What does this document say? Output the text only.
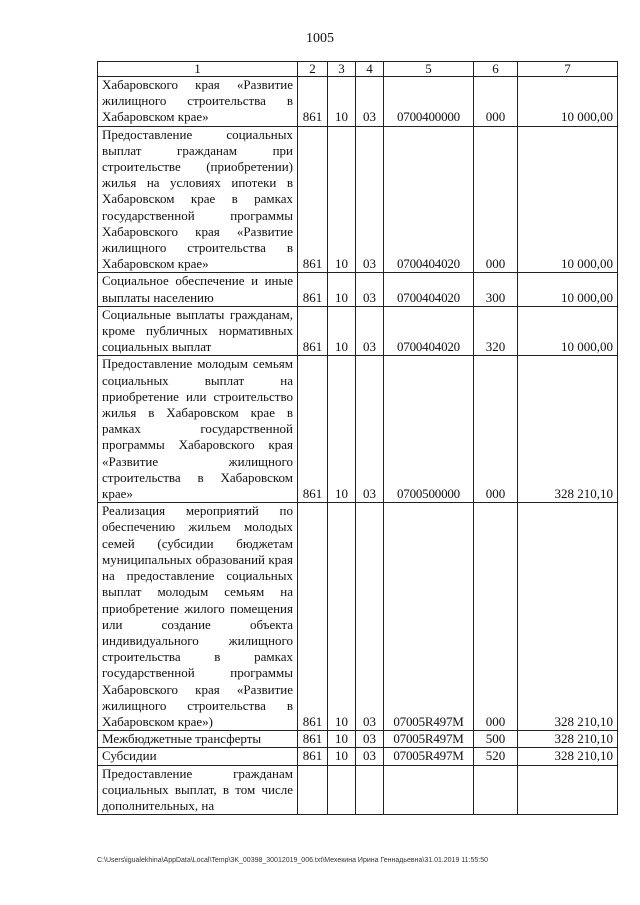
1005
1	2	3	4	5	6	7
Хабаровского края «Развитие жилищного строительства в Хабаровском крае»	861	10	03	0700400000	000	10 000,00
Предоставление социальных выплат гражданам при строительстве (приобретении) жилья на условиях ипотеки в Хабаровском крае в рамках государственной программы Хабаровского края «Развитие жилищного строительства в Хабаровском крае»	861	10	03	0700404020	000	10 000,00
Социальное обеспечение и иные выплаты населению	861	10	03	0700404020	300	10 000,00
Социальные выплаты гражданам, кроме публичных нормативных социальных выплат	861	10	03	0700404020	320	10 000,00
Предоставление молодым семьям социальных выплат на приобретение или строительство жилья в Хабаровском крае в рамках государственной программы Хабаровского края «Развитие жилищного строительства в Хабаровском крае»	861	10	03	0700500000	000	328 210,10
Реализация мероприятий по обеспечению жильем молодых семей (субсидии бюджетам муниципальных образований края на предоставление социальных выплат молодым семьям на приобретение жилого помещения или создание объекта индивидуального жилищного строительства в рамках государственной программы Хабаровского края «Развитие жилищного строительства в Хабаровском крае»)	861	10	03	07005R497M	000	328 210,10
Межбюджетные трансферты	861	10	03	07005R497M	500	328 210,10
Субсидии	861	10	03	07005R497M	520	328 210,10
Предоставление гражданам социальных выплат, в том числе дополнительных, на						
C:\Users\igualekhina\AppData\Local\Temp\3K_00398_30012019_006.txt\Мехекина Ирина Геннадьевна\31.01.2019 11:55:50
